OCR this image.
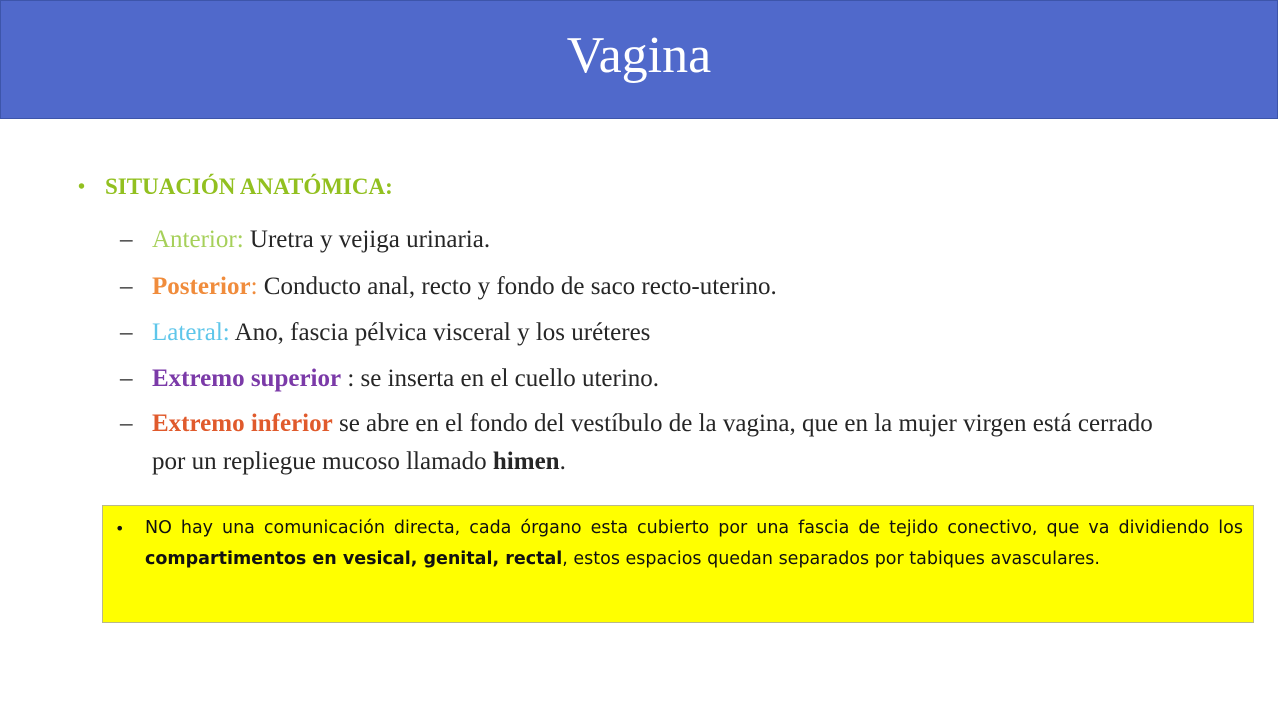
Vagina
• SITUACIÓN ANATÓMICA:
– Anterior: Uretra y vejiga urinaria.
– Posterior: Conducto anal, recto y fondo de saco recto-uterino.
– Lateral: Ano, fascia pélvica visceral y los uréteres
– Extremo superior : se inserta en el cuello uterino.
– Extremo inferior se abre en el fondo del vestíbulo de la vagina, que en la mujer virgen está cerrado por un repliegue mucoso llamado himen.
•	NO hay una comunicación directa, cada órgano esta cubierto por una fascia de tejido conectivo, que va dividiendo los compartimentos en vesical, genital, rectal, estos espacios quedan separados por tabiques avasculares.
